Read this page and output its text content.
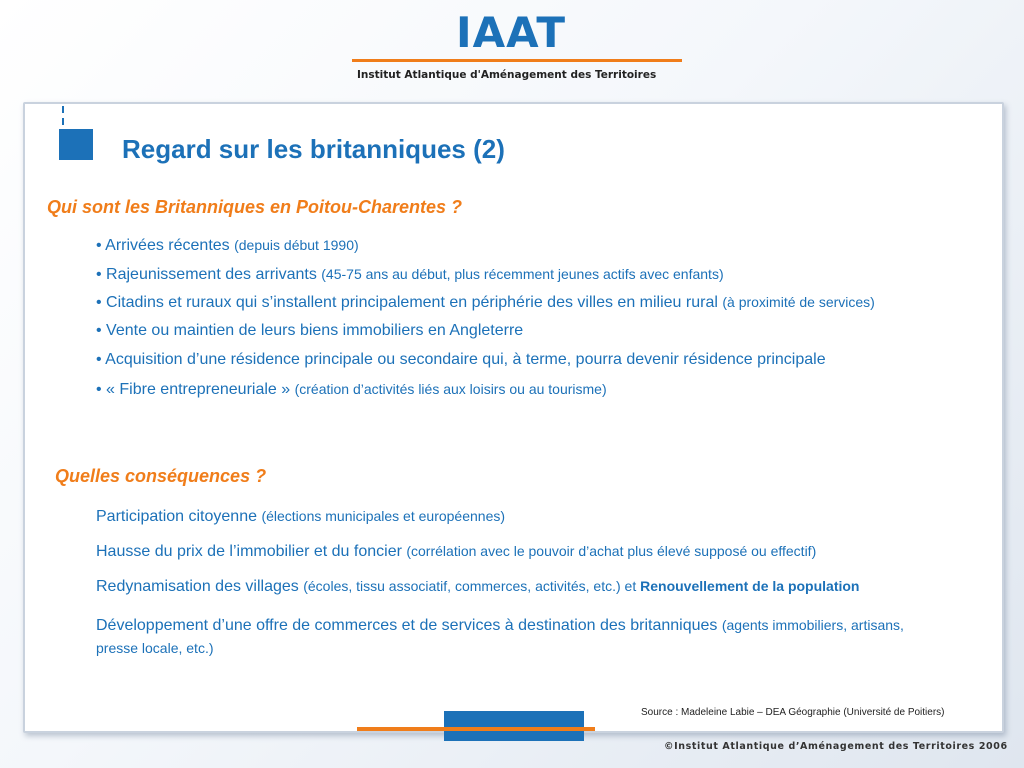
IAAT
Institut Atlantique d'Aménagement des Territoires
Regard sur les britanniques (2)
Qui sont les Britanniques en Poitou-Charentes ?
• Arrivées récentes (depuis début 1990)
• Rajeunissement des arrivants (45-75 ans au début, plus récemment jeunes actifs avec enfants)
• Citadins et ruraux qui s’installent principalement en périphérie des villes en milieu rural (à proximité de services)
• Vente ou maintien de leurs biens immobiliers en Angleterre
• Acquisition d’une résidence principale ou secondaire qui, à terme, pourra devenir résidence principale
• « Fibre entrepreneuriale » (création d’activités liés aux loisirs ou au tourisme)
Quelles conséquences ?
Participation citoyenne (élections municipales et européennes)
Hausse du prix de l’immobilier et du foncier (corrélation avec le pouvoir d’achat plus élevé supposé ou effectif)
Redynamisation des villages (écoles, tissu associatif, commerces, activités, etc.) et Renouvellement de la population
Développement d’une offre de commerces et de services à destination des britanniques (agents immobiliers, artisans, presse locale, etc.)
Source : Madeleine Labie – DEA Géographie (Université de Poitiers)
©Institut Atlantique d’Aménagement des Territoires 2006
